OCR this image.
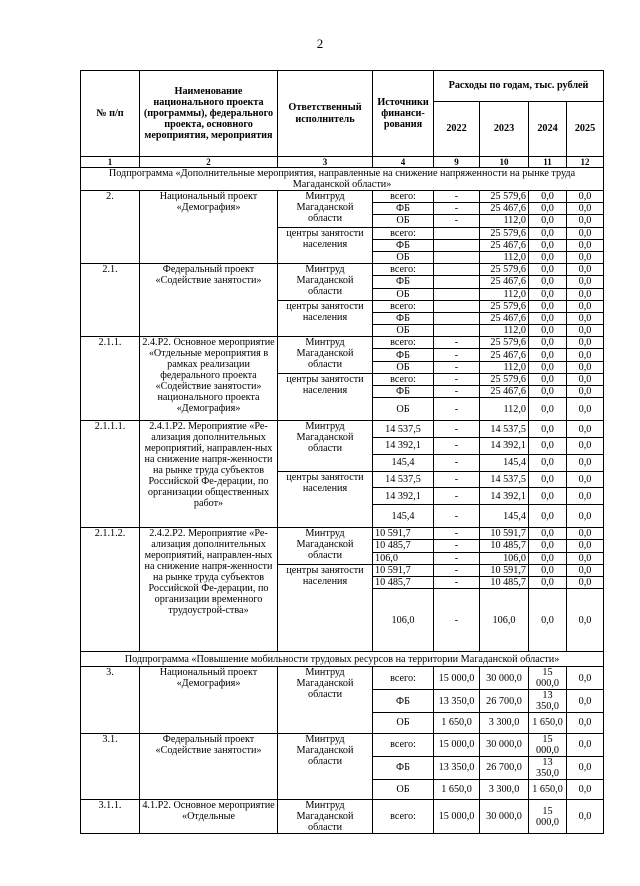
2
№ п/п	Наименование национального проекта (программы), федерального проекта, основного мероприятия, мероприятия	Ответственный исполнитель	Источники финанси-рования	Расходы по годам, тыс. рублей			
				2022	2023	2024	2025
1	2	3	4	9	10	11	12
Подпрограмма «Дополнительные мероприятия, направленные на снижение напряженности на рынке труда Магаданской области»							
2.	Национальный проект «Демография»	Минтруд Магаданской области	всего:	-	25 579,6	0,0	0,0
			ФБ	-	25 467,6	0,0	0,0
			ОБ	-	112,0	0,0	0,0
		центры занятости населения	всего:		25 579,6	0,0	0,0
			ФБ		25 467,6	0,0	0,0
			ОБ		112,0	0,0	0,0
2.1.	Федеральный проект «Содействие занятости»	Минтруд Магаданской области	всего:		25 579,6	0,0	0,0
			ФБ		25 467,6	0,0	0,0
			ОБ		112,0	0,0	0,0
		центры занятости населения	всего:		25 579,6	0,0	0,0
			ФБ		25 467,6	0,0	0,0
			ОБ		112,0	0,0	0,0
2.1.1.	2.4.Р2. Основное мероприятие «Отдельные мероприятия в рамках реализации федерального проекта «Содействие занятости» национального проекта «Демография»	Минтруд Магаданской области	всего:	-	25 579,6	0,0	0,0
			ФБ	-	25 467,6	0,0	0,0
			ОБ	-	112,0	0,0	0,0
		центры занятости населения	всего:	-	25 579,6	0,0	0,0
			ФБ	-	25 467,6	0,0	0,0
			ОБ	-	112,0	0,0	0,0
2.1.1.1.	2.4.1.Р2. Мероприятие «Ре-ализация дополнительных мероприятий, направлен-ных на снижение напря-женности на рынке труда субъектов Российской Фе-дерации, по организации общественных работ»	Минтруд Магаданской области	14 537,5	-	14 537,5	0,0	0,0
			14 392,1	-	14 392,1	0,0	0,0
			145,4	-	145,4	0,0	0,0
		центры занятости населения	14 537,5	-	14 537,5	0,0	0,0
			14 392,1	-	14 392,1	0,0	0,0
			145,4	-	145,4	0,0	0,0
2.1.1.2.	2.4.2.Р2. Мероприятие «Ре-ализация дополнительных мероприятий, направлен-ных на снижение напря-женности на рынке труда субъектов Российской Фе-дерации, по организации временного трудоустрой-ства»	Минтруд Магаданской области	10 591,7	-	10 591,7	0,0	0,0
			10 485,7	-	10 485,7	0,0	0,0
			106,0	-	106,0	0,0	0,0
		центры занятости населения	10 591,7	-	10 591,7	0,0	0,0
			10 485,7	-	10 485,7	0,0	0,0
			106,0	-	106,0	0,0	0,0
Подпрограмма «Повышение мобильности трудовых ресурсов на территории Магаданской области»							
3.	Национальный проект «Демография»	Минтруд Магаданской области	всего:	15 000,0	30 000,0	15 000,0	0,0
			ФБ	13 350,0	26 700,0	13 350,0	0,0
			ОБ	1 650,0	3 300,0	1 650,0	0,0
3.1.	Федеральный проект «Содействие занятости»	Минтруд Магаданской области	всего:	15 000,0	30 000,0	15 000,0	0,0
			ФБ	13 350,0	26 700,0	13 350,0	0,0
			ОБ	1 650,0	3 300,0	1 650,0	0,0
3.1.1.	4.1.Р2. Основное мероприятие «Отдельные	Минтруд Магаданской области	всего:	15 000,0	30 000,0	15 000,0	0,0
